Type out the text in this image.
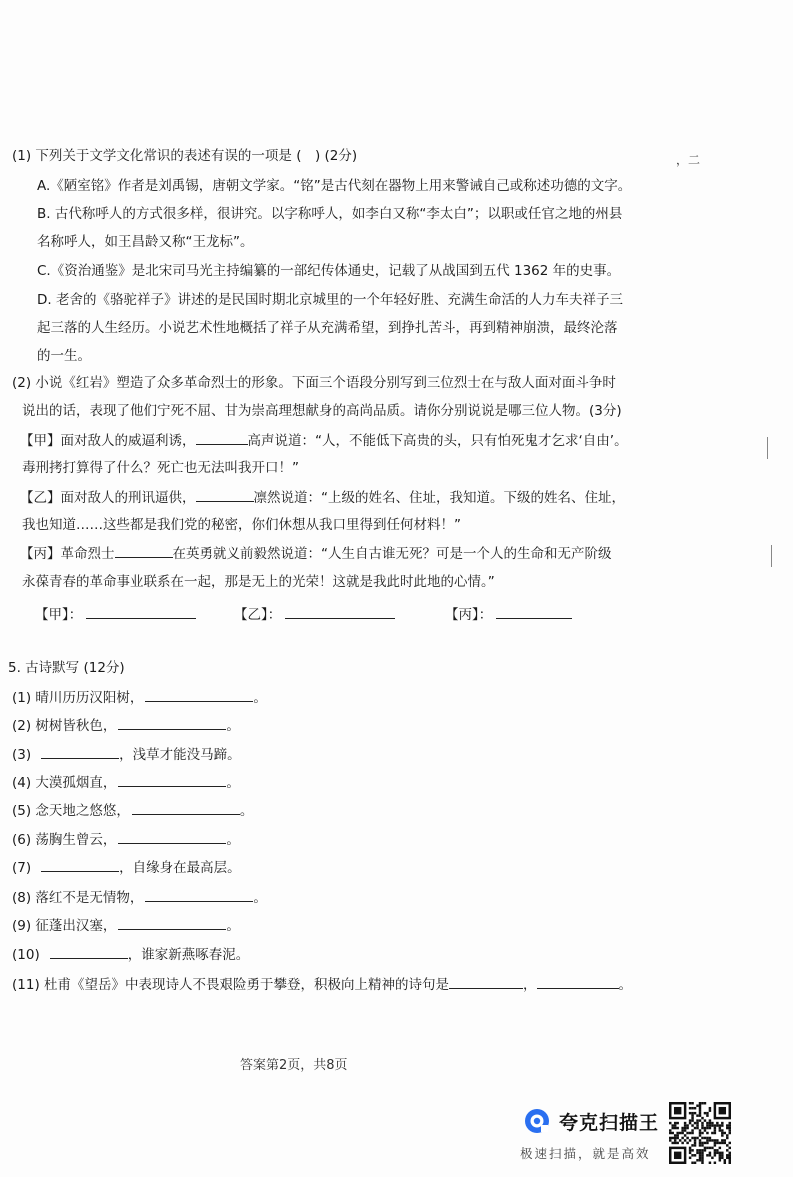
，二
(1) 下列关于文学文化常识的表述有误的一项是 (　) (2分)
A.《陋室铭》作者是刘禹锡，唐朝文学家。“铭”是古代刻在器物上用来警诫自己或称述功德的文字。
B. 古代称呼人的方式很多样，很讲究。以字称呼人，如李白又称“李太白”；以职或任官之地的州县
名称呼人，如王昌龄又称“王龙标”。
C.《资治通鉴》是北宋司马光主持编纂的一部纪传体通史，记载了从战国到五代 1362 年的史事。
D. 老舍的《骆驼祥子》讲述的是民国时期北京城里的一个年轻好胜、充满生命活的人力车夫祥子三
起三落的人生经历。小说艺术性地概括了祥子从充满希望，到挣扎苦斗，再到精神崩溃，最终沦落
的一生。
(2) 小说《红岩》塑造了众多革命烈士的形象。下面三个语段分别写到三位烈士在与敌人面对面斗争时
说出的话，表现了他们宁死不屈、甘为崇高理想献身的高尚品质。请你分别说说是哪三位人物。(3分)
【甲】面对敌人的威逼利诱，	高声说道：“人，不能低下高贵的头，只有怕死鬼才乞求‘自由’。
毒刑拷打算得了什么？死亡也无法叫我开口！”
【乙】面对敌人的刑讯逼供，	凛然说道：“上级的姓名、住址，我知道。下级的姓名、住址，
我也知道……这些都是我们党的秘密，你们休想从我口里得到任何材料！”
【丙】革命烈士	在英勇就义前毅然说道：“人生自古谁无死？可是一个人的生命和无产阶级
永葆青春的革命事业联系在一起，那是无上的光荣！这就是我此时此地的心情。”
【甲】：	【乙】：	【丙】：
5. 古诗默写 (12分)
(1) 晴川历历汉阳树，	。
(2) 树树皆秋色，	。
(3)	，浅草才能没马蹄。
(4) 大漠孤烟直，	。
(5) 念天地之悠悠，	。
(6) 荡胸生曾云，	。
(7)	，自缘身在最高层。
(8) 落红不是无情物，	。
(9) 征蓬出汉塞，	。
(10)	，谁家新燕啄春泥。
(11) 杜甫《望岳》中表现诗人不畏艰险勇于攀登，积极向上精神的诗句是	，	。
答案第2页，共8页
夸克扫描王
极速扫描，就是高效
